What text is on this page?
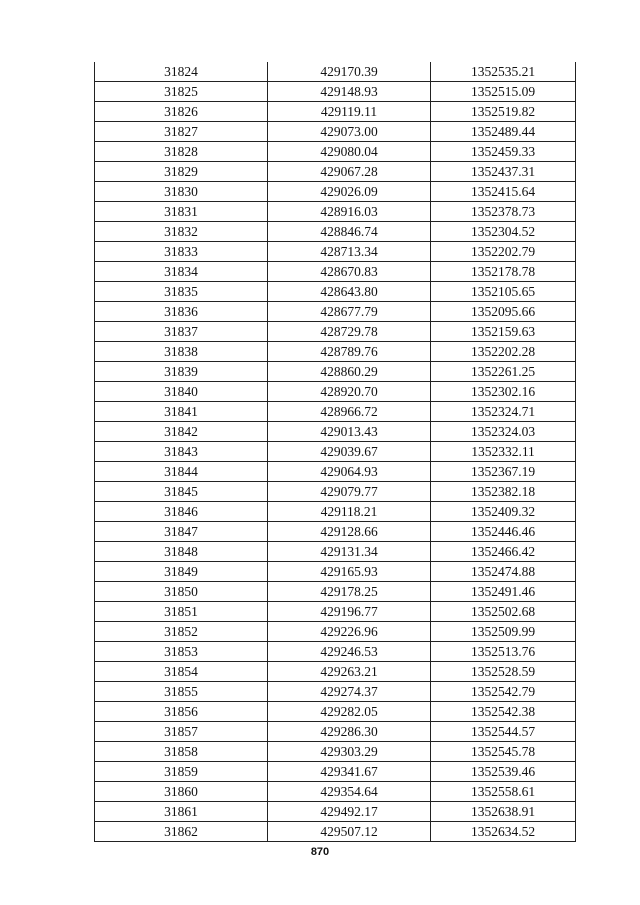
31824	429170.39	1352535.21
31825	429148.93	1352515.09
31826	429119.11	1352519.82
31827	429073.00	1352489.44
31828	429080.04	1352459.33
31829	429067.28	1352437.31
31830	429026.09	1352415.64
31831	428916.03	1352378.73
31832	428846.74	1352304.52
31833	428713.34	1352202.79
31834	428670.83	1352178.78
31835	428643.80	1352105.65
31836	428677.79	1352095.66
31837	428729.78	1352159.63
31838	428789.76	1352202.28
31839	428860.29	1352261.25
31840	428920.70	1352302.16
31841	428966.72	1352324.71
31842	429013.43	1352324.03
31843	429039.67	1352332.11
31844	429064.93	1352367.19
31845	429079.77	1352382.18
31846	429118.21	1352409.32
31847	429128.66	1352446.46
31848	429131.34	1352466.42
31849	429165.93	1352474.88
31850	429178.25	1352491.46
31851	429196.77	1352502.68
31852	429226.96	1352509.99
31853	429246.53	1352513.76
31854	429263.21	1352528.59
31855	429274.37	1352542.79
31856	429282.05	1352542.38
31857	429286.30	1352544.57
31858	429303.29	1352545.78
31859	429341.67	1352539.46
31860	429354.64	1352558.61
31861	429492.17	1352638.91
31862	429507.12	1352634.52
870
